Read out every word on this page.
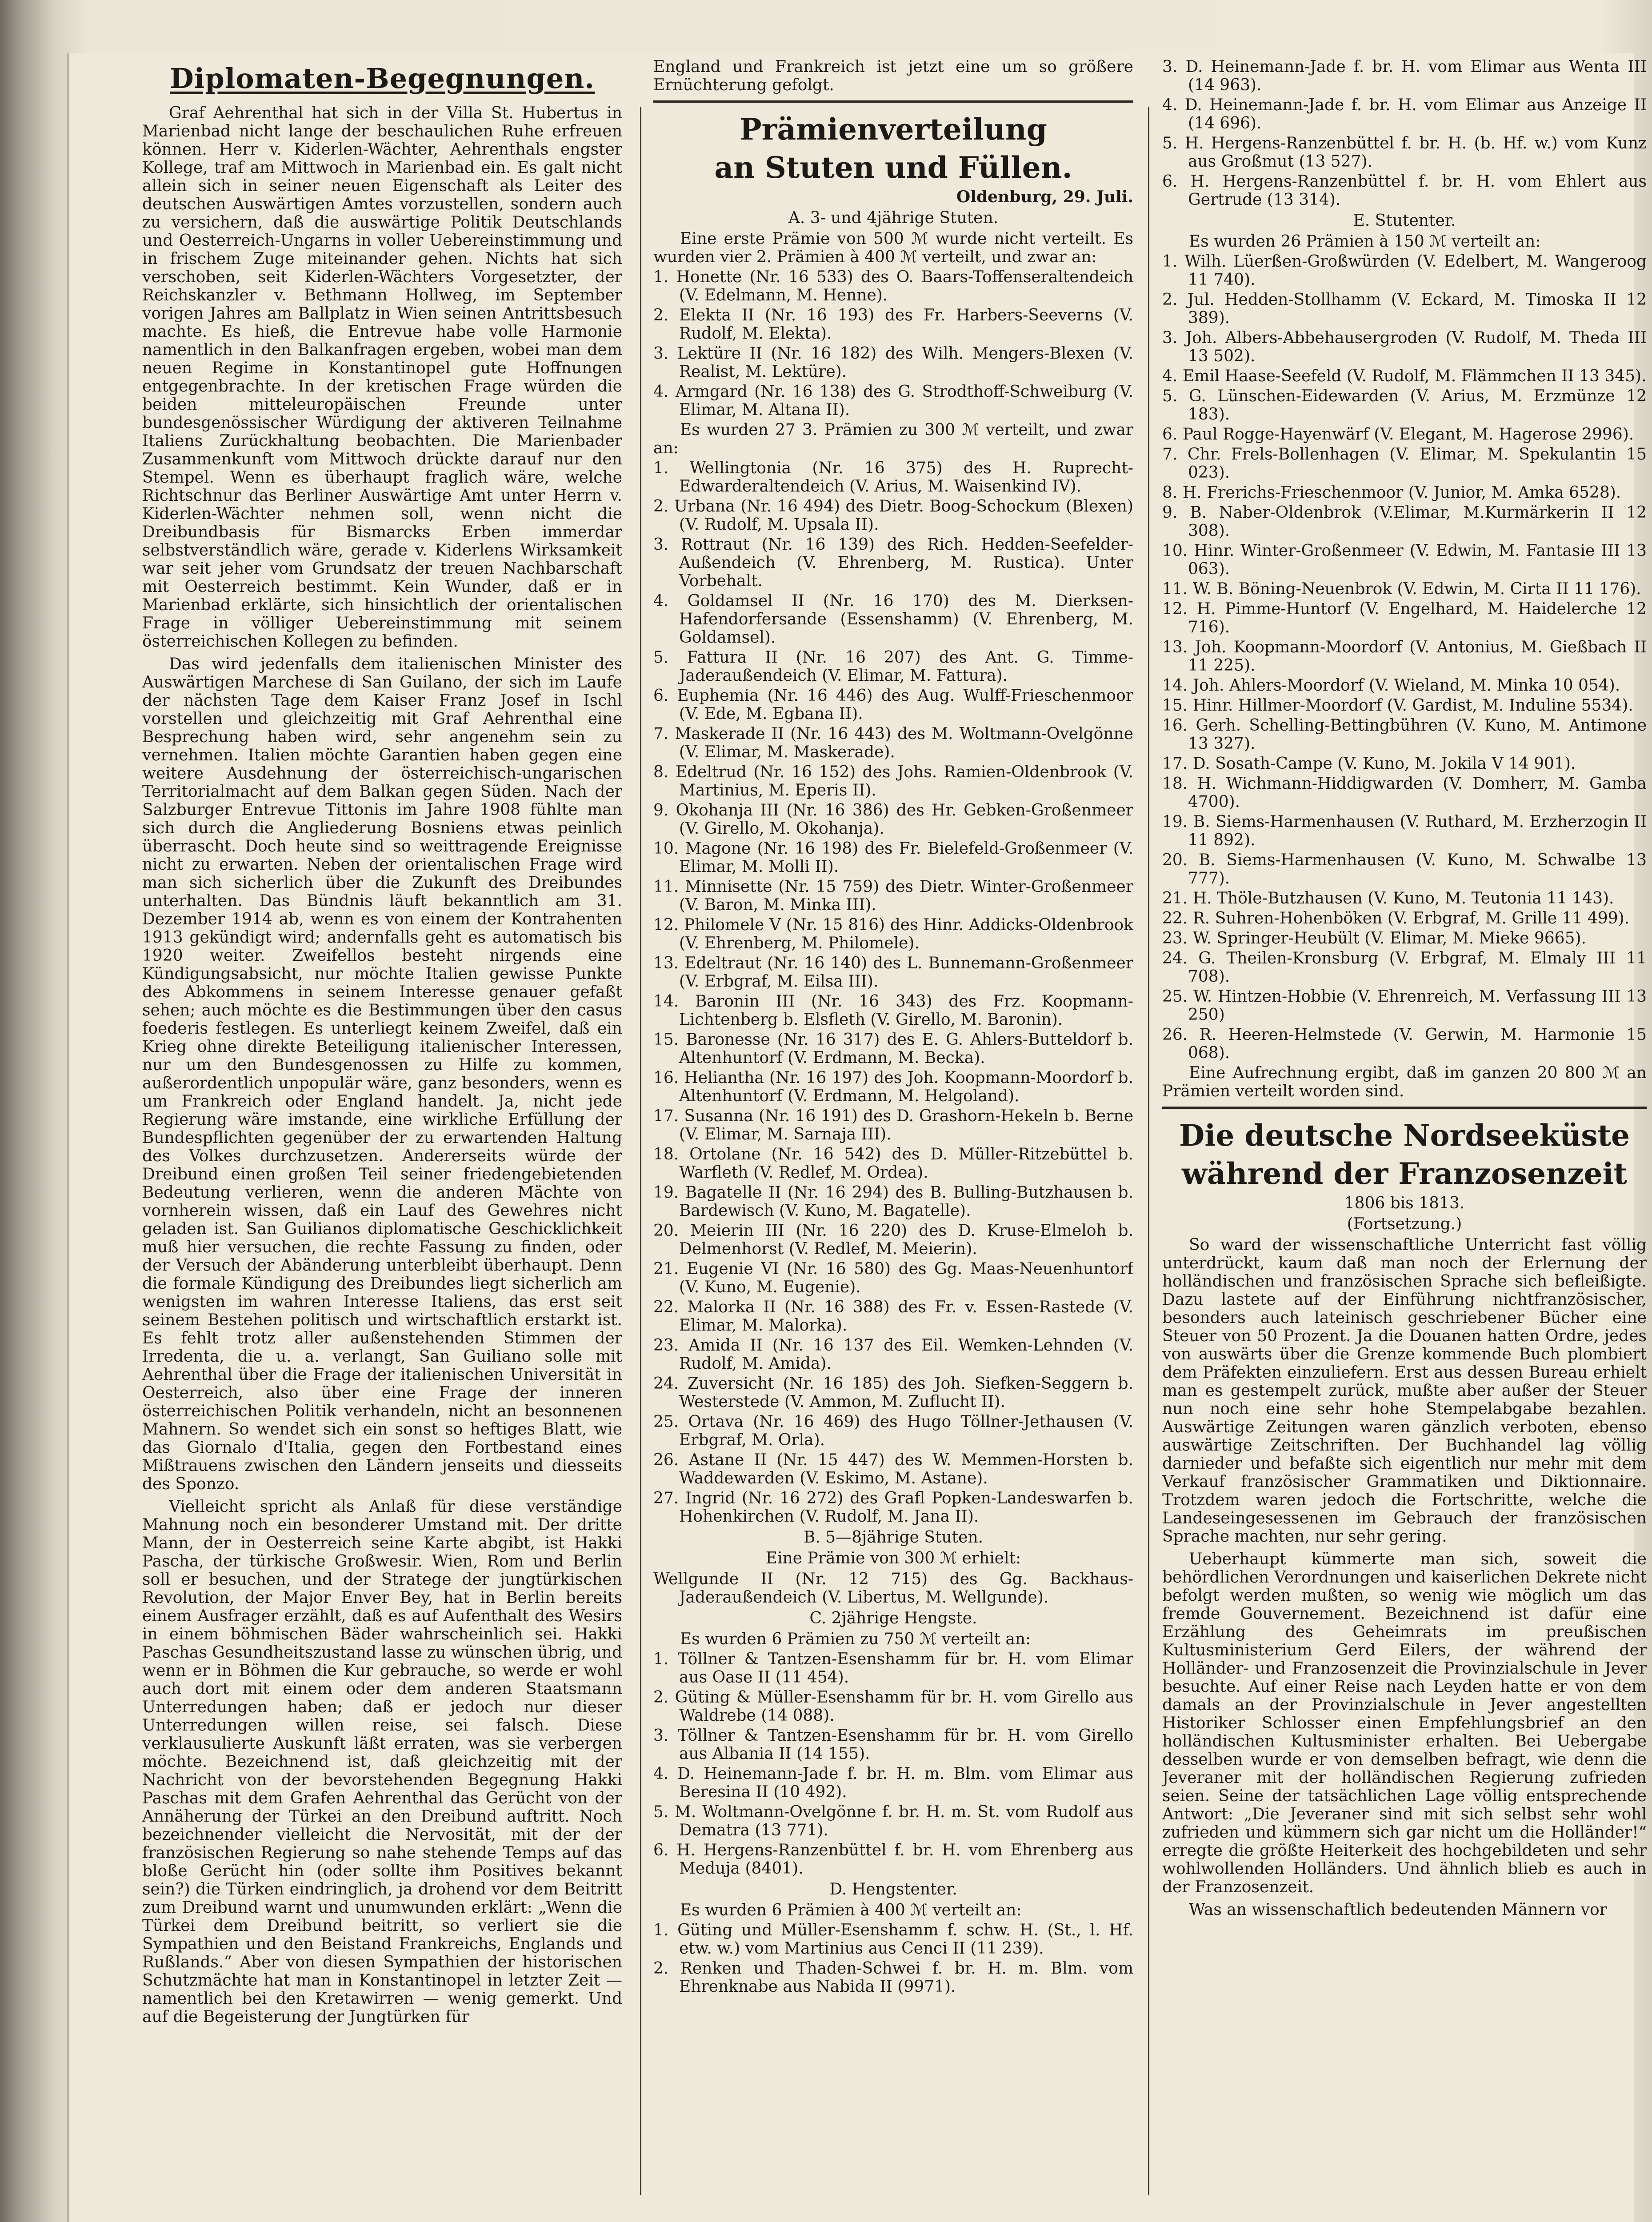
Diplomaten-Begegnungen.

Graf Aehrenthal hat sich in der Villa St. Hubertus in Marienbad nicht lange der beschaulichen Ruhe erfreuen können. Herr v. Kiderlen-Wächter, Aehrenthals engster Kollege, traf am Mittwoch in Marienbad ein. Es galt nicht allein sich in seiner neuen Eigenschaft als Leiter des deutschen Auswärtigen Amtes vorzustellen, sondern auch zu versichern, daß die auswärtige Politik Deutschlands und Oesterreich-Ungarns in voller Uebereinstimmung und in frischem Zuge miteinander gehen. Nichts hat sich verschoben, seit Kiderlen-Wächters Vorgesetzter, der Reichskanzler v. Bethmann Hollweg, im September vorigen Jahres am Ballplatz in Wien seinen Antrittsbesuch machte. Es hieß, die Entrevue habe volle Harmonie namentlich in den Balkanfragen ergeben, wobei man dem neuen Regime in Konstantinopel gute Hoffnungen entgegenbrachte. In der kretischen Frage würden die beiden mitteleuropäischen Freunde unter bundesgenössischer Würdigung der aktiveren Teilnahme Italiens Zurückhaltung beobachten. Die Marienbader Zusammenkunft vom Mittwoch drückte darauf nur den Stempel. Wenn es überhaupt fraglich wäre, welche Richtschnur das Berliner Auswärtige Amt unter Herrn v. Kiderlen-Wächter nehmen soll, wenn nicht die Dreibundbasis für Bismarcks Erben immerdar selbstverständlich wäre, gerade v. Kiderlens Wirksamkeit war seit jeher vom Grundsatz der treuen Nachbarschaft mit Oesterreich bestimmt. Kein Wunder, daß er in Marienbad erklärte, sich hinsichtlich der orientalischen Frage in völliger Uebereinstimmung mit seinem österreichischen Kollegen zu befinden.

Das wird jedenfalls dem italienischen Minister des Auswärtigen Marchese di San Guilano, der sich im Laufe der nächsten Tage dem Kaiser Franz Josef in Ischl vorstellen und gleichzeitig mit Graf Aehrenthal eine Besprechung haben wird, sehr angenehm sein zu vernehmen. Italien möchte Garantien haben gegen eine weitere Ausdehnung der österreichisch-ungarischen Territorialmacht auf dem Balkan gegen Süden. Nach der Salzburger Entrevue Tittonis im Jahre 1908 fühlte man sich durch die Angliederung Bosniens etwas peinlich überrascht. Doch heute sind so weittragende Ereignisse nicht zu erwarten. Neben der orientalischen Frage wird man sich sicherlich über die Zukunft des Dreibundes unterhalten. Das Bündnis läuft bekanntlich am 31. Dezember 1914 ab, wenn es von einem der Kontrahenten 1913 gekündigt wird; andernfalls geht es automatisch bis 1920 weiter. Zweifellos besteht nirgends eine Kündigungsabsicht, nur möchte Italien gewisse Punkte des Abkommens in seinem Interesse genauer gefaßt sehen; auch möchte es die Bestimmungen über den casus foederis festlegen. Es unterliegt keinem Zweifel, daß ein Krieg ohne direkte Beteiligung italienischer Interessen, nur um den Bundesgenossen zu Hilfe zu kommen, außerordentlich unpopulär wäre, ganz besonders, wenn es um Frankreich oder England handelt. Ja, nicht jede Regierung wäre imstande, eine wirkliche Erfüllung der Bundespflichten gegenüber der zu erwartenden Haltung des Volkes durchzusetzen. Andererseits würde der Dreibund einen großen Teil seiner friedengebietenden Bedeutung verlieren, wenn die anderen Mächte von vornherein wissen, daß ein Lauf des Gewehres nicht geladen ist. San Guilianos diplomatische Geschicklichkeit muß hier versuchen, die rechte Fassung zu finden, oder der Versuch der Abänderung unterbleibt überhaupt. Denn die formale Kündigung des Dreibundes liegt sicherlich am wenigsten im wahren Interesse Italiens, das erst seit seinem Bestehen politisch und wirtschaftlich erstarkt ist. Es fehlt trotz aller außenstehenden Stimmen der Irredenta, die u. a. verlangt, San Guiliano solle mit Aehrenthal über die Frage der italienischen Universität in Oesterreich, also über eine Frage der inneren österreichischen Politik verhandeln, nicht an besonnenen Mahnern. So wendet sich ein sonst so heftiges Blatt, wie das Giornalo d'Italia, gegen den Fortbestand eines Mißtrauens zwischen den Ländern jenseits und diesseits des Sponzo.

Vielleicht spricht als Anlaß für diese verständige Mahnung noch ein besonderer Umstand mit. Der dritte Mann, der in Oesterreich seine Karte abgibt, ist Hakki Pascha, der türkische Großwesir. Wien, Rom und Berlin soll er besuchen, und der Stratege der jungtürkischen Revolution, der Major Enver Bey, hat in Berlin bereits einem Ausfrager erzählt, daß es auf Aufenthalt des Wesirs in einem böhmischen Bäder wahrscheinlich sei. Hakki Paschas Gesundheitszustand lasse zu wünschen übrig, und wenn er in Böhmen die Kur gebrauche, so werde er wohl auch dort mit einem oder dem anderen Staatsmann Unterredungen haben; daß er jedoch nur dieser Unterredungen willen reise, sei falsch. Diese verklausulierte Auskunft läßt erraten, was sie verbergen möchte. Bezeichnend ist, daß gleichzeitig mit der Nachricht von der bevorstehenden Begegnung Hakki Paschas mit dem Grafen Aehrenthal das Gerücht von der Annäherung der Türkei an den Dreibund auftritt. Noch bezeichnender vielleicht die Nervosität, mit der der französischen Regierung so nahe stehende Temps auf das bloße Gerücht hin (oder sollte ihm Positives bekannt sein?) die Türken eindringlich, ja drohend vor dem Beitritt zum Dreibund warnt und unumwunden erklärt: „Wenn die Türkei dem Dreibund beitritt, so verliert sie die Sympathien und den Beistand Frankreichs, Englands und Rußlands.“ Aber von diesen Sympathien der historischen Schutzmächte hat man in Konstantinopel in letzter Zeit — namentlich bei den Kretawirren — wenig gemerkt. Und auf die Begeisterung der Jungtürken für

England und Frankreich ist jetzt eine um so größere Ernüchterung gefolgt.
Prämienverteilung
an Stuten und Füllen.
Oldenburg, 29. Juli.
A. 3- und 4jährige Stuten.
Eine erste Prämie von 500 ℳ wurde nicht verteilt. Es wurden vier 2. Prämien à 400 ℳ verteilt, und zwar an:
1. Honette (Nr. 16 533) des O. Baars-Toffenseraltendeich (V. Edelmann, M. Henne).
2. Elekta II (Nr. 16 193) des Fr. Harbers-Seeverns (V. Rudolf, M. Elekta).
3. Lektüre II (Nr. 16 182) des Wilh. Mengers-Blexen (V. Realist, M. Lektüre).
4. Armgard (Nr. 16 138) des G. Strodthoff-Schweiburg (V. Elimar, M. Altana II).
Es wurden 27 3. Prämien zu 300 ℳ verteilt, und zwar an:
1. Wellingtonia (Nr. 16 375) des H. Ruprecht-Edwarderaltendeich (V. Arius, M. Waisenkind IV).
2. Urbana (Nr. 16 494) des Dietr. Boog-Schockum (Blexen) (V. Rudolf, M. Upsala II).
3. Rottraut (Nr. 16 139) des Rich. Hedden-Seefelder-Außendeich (V. Ehrenberg, M. Rustica). Unter Vorbehalt.
4. Goldamsel II (Nr. 16 170) des M. Dierksen-Hafendorfersande (Essenshamm) (V. Ehrenberg, M. Goldamsel).
5. Fattura II (Nr. 16 207) des Ant. G. Timme-Jaderaußendeich (V. Elimar, M. Fattura).
6. Euphemia (Nr. 16 446) des Aug. Wulff-Frieschenmoor (V. Ede, M. Egbana II).
7. Maskerade II (Nr. 16 443) des M. Woltmann-Ovelgönne (V. Elimar, M. Maskerade).
8. Edeltrud (Nr. 16 152) des Johs. Ramien-Oldenbrook (V. Martinius, M. Eperis II).
9. Okohanja III (Nr. 16 386) des Hr. Gebken-Großenmeer (V. Girello, M. Okohanja).
10. Magone (Nr. 16 198) des Fr. Bielefeld-Großenmeer (V. Elimar, M. Molli II).
11. Minnisette (Nr. 15 759) des Dietr. Winter-Großenmeer (V. Baron, M. Minka III).
12. Philomele V (Nr. 15 816) des Hinr. Addicks-Oldenbrook (V. Ehrenberg, M. Philomele).
13. Edeltraut (Nr. 16 140) des L. Bunnemann-Großenmeer (V. Erbgraf, M. Eilsa III).
14. Baronin III (Nr. 16 343) des Frz. Koopmann-Lichtenberg b. Elsfleth (V. Girello, M. Baronin).
15. Baronesse (Nr. 16 317) des E. G. Ahlers-Butteldorf b. Altenhuntorf (V. Erdmann, M. Becka).
16. Heliantha (Nr. 16 197) des Joh. Koopmann-Moordorf b. Altenhuntorf (V. Erdmann, M. Helgoland).
17. Susanna (Nr. 16 191) des D. Grashorn-Hekeln b. Berne (V. Elimar, M. Sarnaja III).
18. Ortolane (Nr. 16 542) des D. Müller-Ritzebüttel b. Warfleth (V. Redlef, M. Ordea).
19. Bagatelle II (Nr. 16 294) des B. Bulling-Butzhausen b. Bardewisch (V. Kuno, M. Bagatelle).
20. Meierin III (Nr. 16 220) des D. Kruse-Elmeloh b. Delmenhorst (V. Redlef, M. Meierin).
21. Eugenie VI (Nr. 16 580) des Gg. Maas-Neuenhuntorf (V. Kuno, M. Eugenie).
22. Malorka II (Nr. 16 388) des Fr. v. Essen-Rastede (V. Elimar, M. Malorka).
23. Amida II (Nr. 16 137 des Eil. Wemken-Lehnden (V. Rudolf, M. Amida).
24. Zuversicht (Nr. 16 185) des Joh. Siefken-Seggern b. Westerstede (V. Ammon, M. Zuflucht II).
25. Ortava (Nr. 16 469) des Hugo Töllner-Jethausen (V. Erbgraf, M. Orla).
26. Astane II (Nr. 15 447) des W. Memmen-Horsten b. Waddewarden (V. Eskimo, M. Astane).
27. Ingrid (Nr. 16 272) des Grafl Popken-Landeswarfen b. Hohenkirchen (V. Rudolf, M. Jana II).
B. 5—8jährige Stuten.
Eine Prämie von 300 ℳ erhielt:
Wellgunde II (Nr. 12 715) des Gg. Backhaus-Jaderaußendeich (V. Libertus, M. Wellgunde).
C. 2jährige Hengste.
Es wurden 6 Prämien zu 750 ℳ verteilt an:
1. Töllner & Tantzen-Esenshamm für br. H. vom Elimar aus Oase II (11 454).
2. Güting & Müller-Esenshamm für br. H. vom Girello aus Waldrebe (14 088).
3. Töllner & Tantzen-Esenshamm für br. H. vom Girello aus Albania II (14 155).
4. D. Heinemann-Jade f. br. H. m. Blm. vom Elimar aus Beresina II (10 492).
5. M. Woltmann-Ovelgönne f. br. H. m. St. vom Rudolf aus Dematra (13 771).
6. H. Hergens-Ranzenbüttel f. br. H. vom Ehrenberg aus Meduja (8401).
D. Hengstenter.
Es wurden 6 Prämien à 400 ℳ verteilt an:
1. Güting und Müller-Esenshamm f. schw. H. (St., l. Hf. etw. w.) vom Martinius aus Cenci II (11 239).
2. Renken und Thaden-Schwei f. br. H. m. Blm. vom Ehrenknabe aus Nabida II (9971).
3. D. Heinemann-Jade f. br. H. vom Elimar aus Wenta III (14 963).
4. D. Heinemann-Jade f. br. H. vom Elimar aus Anzeige II (14 696).
5. H. Hergens-Ranzenbüttel f. br. H. (b. Hf. w.) vom Kunz aus Großmut (13 527).
6. H. Hergens-Ranzenbüttel f. br. H. vom Ehlert aus Gertrude (13 314).
E. Stutenter.
Es wurden 26 Prämien à 150 ℳ verteilt an:
1. Wilh. Lüerßen-Großwürden (V. Edelbert, M. Wangeroog 11 740).
2. Jul. Hedden-Stollhamm (V. Eckard, M. Timoska II 12 389).
3. Joh. Albers-Abbehausergroden (V. Rudolf, M. Theda III 13 502).
4. Emil Haase-Seefeld (V. Rudolf, M. Flämmchen II 13 345).
5. G. Lünschen-Eidewarden (V. Arius, M. Erzmünze 12 183).
6. Paul Rogge-Hayenwärf (V. Elegant, M. Hagerose 2996).
7. Chr. Frels-Bollenhagen (V. Elimar, M. Spekulantin 15 023).
8. H. Frerichs-Frieschenmoor (V. Junior, M. Amka 6528).
9. B. Naber-Oldenbrok (V.Elimar, M.Kurmärkerin II 12 308).
10. Hinr. Winter-Großenmeer (V. Edwin, M. Fantasie III 13 063).
11. W. B. Böning-Neuenbrok (V. Edwin, M. Cirta II 11 176).
12. H. Pimme-Huntorf (V. Engelhard, M. Haidelerche 12 716).
13. Joh. Koopmann-Moordorf (V. Antonius, M. Gießbach II 11 225).
14. Joh. Ahlers-Moordorf (V. Wieland, M. Minka 10 054).
15. Hinr. Hillmer-Moordorf (V. Gardist, M. Induline 5534).
16. Gerh. Schelling-Bettingbühren (V. Kuno, M. Antimone 13 327).
17. D. Sosath-Campe (V. Kuno, M. Jokila V 14 901).
18. H. Wichmann-Hiddigwarden (V. Domherr, M. Gamba 4700).
19. B. Siems-Harmenhausen (V. Ruthard, M. Erzherzogin II 11 892).
20. B. Siems-Harmenhausen (V. Kuno, M. Schwalbe 13 777).
21. H. Thöle-Butzhausen (V. Kuno, M. Teutonia 11 143).
22. R. Suhren-Hohenböken (V. Erbgraf, M. Grille 11 499).
23. W. Springer-Heubült (V. Elimar, M. Mieke 9665).
24. G. Theilen-Kronsburg (V. Erbgraf, M. Elmaly III 11 708).
25. W. Hintzen-Hobbie (V. Ehrenreich, M. Verfassung III 13 250)
26. R. Heeren-Helmstede (V. Gerwin, M. Harmonie 15 068).
Eine Aufrechnung ergibt, daß im ganzen 20 800 ℳ an Prämien verteilt worden sind.
Die deutsche Nordseeküste
während der Franzosenzeit
1806 bis 1813.
(Fortsetzung.)

So ward der wissenschaftliche Unterricht fast völlig unterdrückt, kaum daß man noch der Erlernung der holländischen und französischen Sprache sich befleißigte. Dazu lastete auf der Einführung nichtfranzösischer, besonders auch lateinisch geschriebener Bücher eine Steuer von 50 Prozent. Ja die Douanen hatten Ordre, jedes von auswärts über die Grenze kommende Buch plombiert dem Präfekten einzuliefern. Erst aus dessen Bureau erhielt man es gestempelt zurück, mußte aber außer der Steuer nun noch eine sehr hohe Stempelabgabe bezahlen. Auswärtige Zeitungen waren gänzlich verboten, ebenso auswärtige Zeitschriften. Der Buchhandel lag völlig darnieder und befaßte sich eigentlich nur mehr mit dem Verkauf französischer Grammatiken und Diktionnaire. Trotzdem waren jedoch die Fortschritte, welche die Landeseingesessenen im Gebrauch der französischen Sprache machten, nur sehr gering.

Ueberhaupt kümmerte man sich, soweit die behördlichen Verordnungen und kaiserlichen Dekrete nicht befolgt werden mußten, so wenig wie möglich um das fremde Gouvernement. Bezeichnend ist dafür eine Erzählung des Geheimrats im preußischen Kultusministerium Gerd Eilers, der während der Holländer- und Franzosenzeit die Provinzialschule in Jever besuchte. Auf einer Reise nach Leyden hatte er von dem damals an der Provinzialschule in Jever angestellten Historiker Schlosser einen Empfehlungsbrief an den holländischen Kultusminister erhalten. Bei Uebergabe desselben wurde er von demselben befragt, wie denn die Jeveraner mit der holländischen Regierung zufrieden seien. Seine der tatsächlichen Lage völlig entsprechende Antwort: „Die Jeveraner sind mit sich selbst sehr wohl zufrieden und kümmern sich gar nicht um die Holländer!“ erregte die größte Heiterkeit des hochgebildeten und sehr wohlwollenden Holländers. Und ähnlich blieb es auch in der Franzosenzeit.

Was an wissenschaftlich bedeutenden Männern vor
